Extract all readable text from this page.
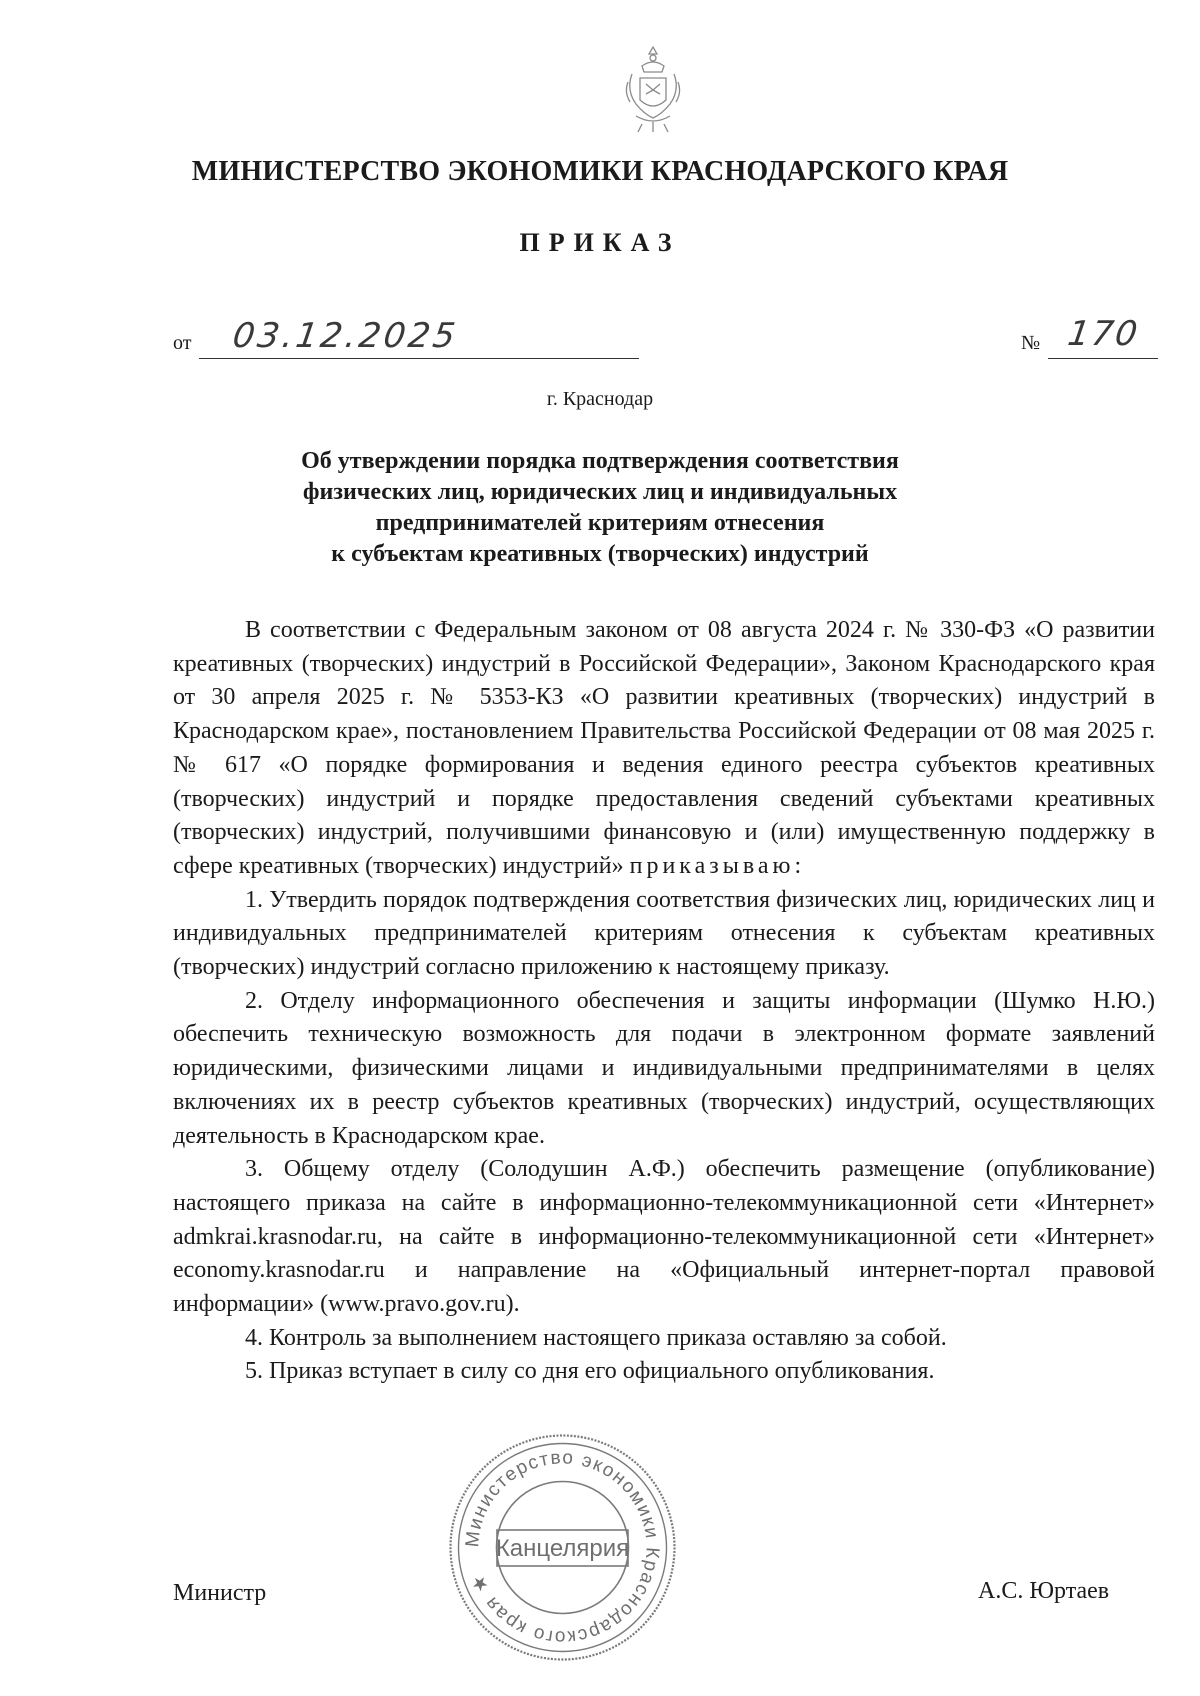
МИНИСТЕРСТВО ЭКОНОМИКИ КРАСНОДАРСКОГО КРАЯ
ПРИКАЗ
от 03.12.2025	№ 170
г. Краснодар
Об утверждении порядка подтверждения соответствия
физических лиц, юридических лиц и индивидуальных
предпринимателей критериям отнесения
к субъектам креативных (творческих) индустрий

В соответствии с Федеральным законом от 08 августа 2024 г. № 330-ФЗ «О развитии креативных (творческих) индустрий в Российской Федерации», Законом Краснодарского края от 30 апреля 2025 г. № 5353-КЗ «О развитии креативных (творческих) индустрий в Краснодарском крае», постановлением Правительства Российской Федерации от 08 мая 2025 г. № 617 «О порядке формирования и ведения единого реестра субъектов креативных (творческих) индустрий и порядке предоставления сведений субъектами креативных (творческих) индустрий, получившими финансовую и (или) имущественную поддержку в сфере креативных (творческих) индустрий» приказываю:

1. Утвердить порядок подтверждения соответствия физических лиц, юридических лиц и индивидуальных предпринимателей критериям отнесения к субъектам креативных (творческих) индустрий согласно приложению к настоящему приказу.

2. Отделу информационного обеспечения и защиты информации (Шумко Н.Ю.) обеспечить техническую возможность для подачи в электронном формате заявлений юридическими, физическими лицами и индивидуальными предпринимателями в целях включениях их в реестр субъектов креативных (творческих) индустрий, осуществляющих деятельность в Краснодарском крае.

3. Общему отделу (Солодушин А.Ф.) обеспечить размещение (опубликование) настоящего приказа на сайте в информационно-телекоммуникационной сети «Интернет» admkrai.krasnodar.ru, на сайте в информационно-телекоммуникационной сети «Интернет» economy.krasnodar.ru и направление на «Официальный интернет-портал правовой информации» (www.pravo.gov.ru).

4. Контроль за выполнением настоящего приказа оставляю за собой.

5. Приказ вступает в силу со дня его официального опубликования.

Министерство экономики Краснодарского края ★
Канцелярия
Министр	А.С. Юртаев
